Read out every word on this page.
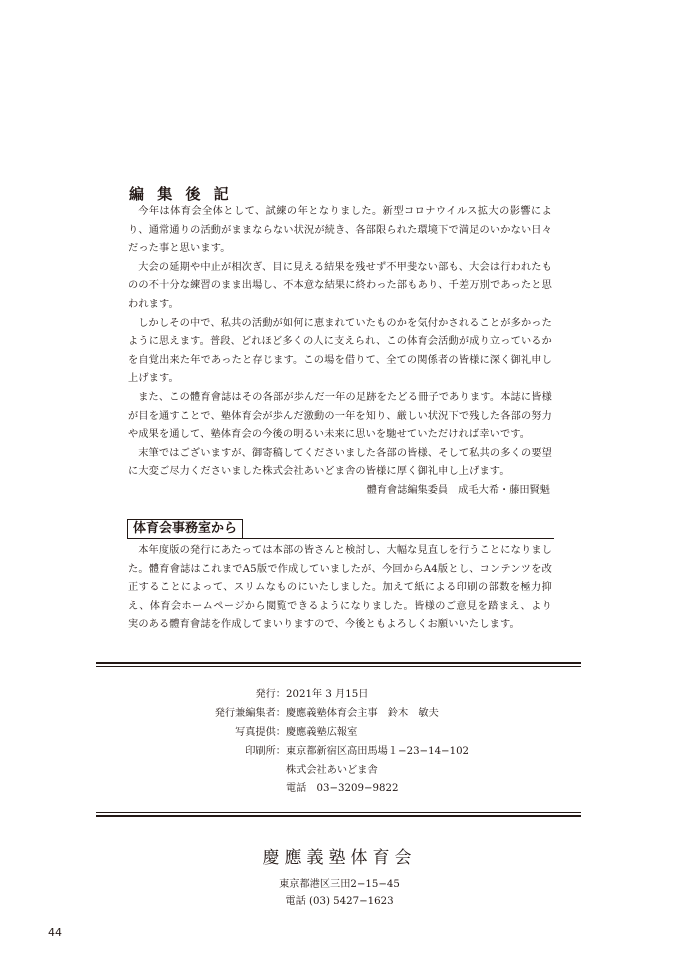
編 集 後 記

今年は体育会全体として、試練の年となりました。新型コロナウイルス拡大の影響により、通常通りの活動がままならない状況が続き、各部限られた環境下で満足のいかない日々だった事と思います。

大会の延期や中止が相次ぎ、目に見える結果を残せず不甲斐ない部も、大会は行われたものの不十分な練習のまま出場し、不本意な結果に終わった部もあり、千差万別であったと思われます。

しかしその中で、私共の活動が如何に恵まれていたものかを気付かされることが多かったように思えます。普段、どれほど多くの人に支えられ、この体育会活動が成り立っているかを自覚出来た年であったと存じます。この場を借りて、全ての関係者の皆様に深く御礼申し上げます。

また、この體育會誌はその各部が歩んだ一年の足跡をたどる冊子であります。本誌に皆様が目を通すことで、塾体育会が歩んだ激動の一年を知り、厳しい状況下で残した各部の努力や成果を通して、塾体育会の今後の明るい未来に思いを馳せていただければ幸いです。

末筆ではございますが、御寄稿してくださいました各部の皆様、そして私共の多くの要望に大変ご尽力くださいました株式会社あいどま舎の皆様に厚く御礼申し上げます。

體育會誌編集委員　成毛大希・藤田賢魁

体育会事務室から

本年度版の発行にあたっては本部の皆さんと検討し、大幅な見直しを行うことになりました。體育會誌はこれまでA5版で作成していましたが、今回からA4版とし、コンテンツを改正することによって、スリムなものにいたしました。加えて紙による印刷の部数を極力抑え、体育会ホームページから閲覧できるようになりました。皆様のご意見を踏まえ、より実のある體育會誌を作成してまいりますので、今後ともよろしくお願いいたします。

発行： 2021年 3 月15日
発行兼編集者： 慶應義塾体育会主事　鈴木　敏夫
写真提供： 慶應義塾広報室
印刷所： 東京都新宿区高田馬場１−23−14−102
株式会社あいどま舎
電話　03−3209−9822
慶應義塾体育会
東京都港区三田2−15−45
電話 (03) 5427−1623
44
